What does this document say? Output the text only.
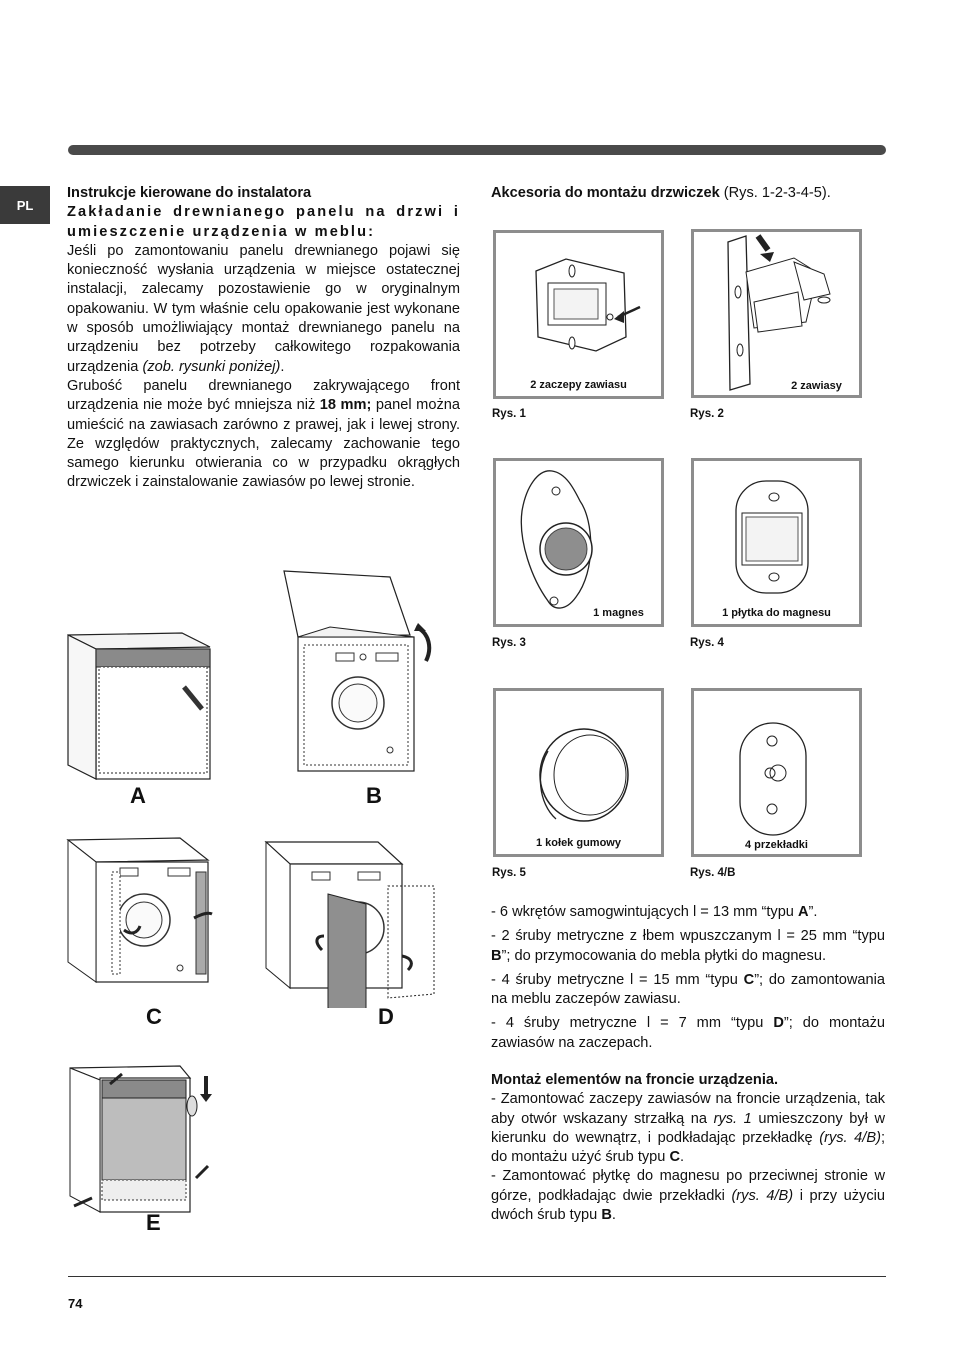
PL

Instrukcje kierowane do instalatora

Zakładanie drewnianego panelu na drzwi i umieszczenie urządzenia w meblu:

Jeśli po zamontowaniu panelu drewnianego pojawi się konieczność wysłania urządzenia w miejsce ostatecznej instalacji, zalecamy pozostawienie go w oryginalnym opakowaniu. W tym właśnie celu opakowanie jest wykonane w sposób umożliwiający montaż drewnianego panelu na urządzeniu bez potrzeby całkowitego rozpakowania urządzenia (zob. rysunki poniżej).

Grubość panelu drewnianego zakrywającego front urządzenia nie może być mniejsza niż 18 mm; panel można umieścić na zawiasach zarówno z prawej, jak i lewej strony. Ze względów praktycznych, zalecamy zachowanie tego samego kierunku otwierania co w przypadku okrągłych drzwiczek i zainstalowanie zawiasów po lewej stronie.

A	B
C	D
E

Akcesoria do montażu drzwiczek (Rys. 1-2-3-4-5).

2 zaczepy zawiasu
Rys. 1
2 zawiasy
Rys. 2
1 magnes
Rys. 3
1 płytka do magnesu
Rys. 4
1 kołek gumowy
Rys. 5
4 przekładki
Rys. 4/B

- 6 wkrętów samogwintujących l = 13 mm “typu A”.

- 2 śruby metryczne z łbem wpuszczanym l = 25 mm “typu B”; do przymocowania do mebla płytki do magnesu.

- 4 śruby metryczne l = 15 mm “typu C”; do zamontowania na meblu zaczepów zawiasu.

- 4 śruby metryczne l = 7 mm “typu D”; do montażu zawiasów na zaczepach.

Montaż elementów na froncie urządzenia.

- Zamontować zaczepy zawiasów na froncie urządzenia, tak aby otwór wskazany strzałką na rys. 1 umieszczony był w kierunku do wewnątrz, i podkładając przekładkę (rys. 4/B); do montażu użyć śrub typu C.

- Zamontować płytkę do magnesu po przeciwnej stronie w górze, podkładając dwie przekładki (rys. 4/B) i przy użyciu dwóch śrub typu B.

74
